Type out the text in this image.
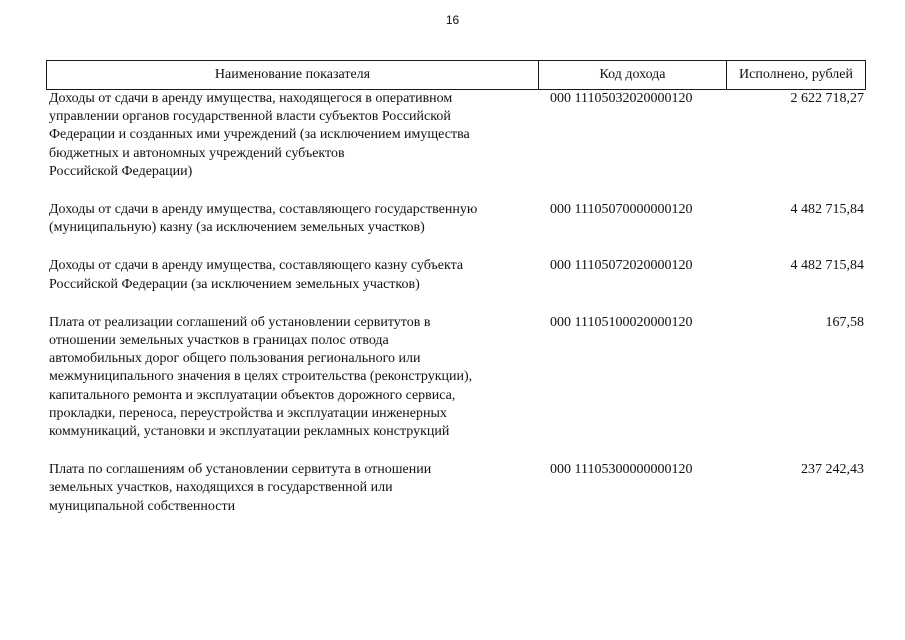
16
Наименование показателя	Код дохода	Исполнено, рублей
Доходы от сдачи в аренду имущества, находящегося в оперативном
управлении органов государственной власти субъектов Российской
Федерации и созданных ими учреждений (за исключением имущества
бюджетных и автономных учреждений субъектов
Российской Федерации)
000 11105032020000120	2 622 718,27
Доходы от сдачи в аренду имущества, составляющего государственную
(муниципальную) казну (за исключением земельных участков)
000 11105070000000120	4 482 715,84
Доходы от сдачи в аренду имущества, составляющего казну субъекта
Российской Федерации (за исключением земельных участков)
000 11105072020000120	4 482 715,84
Плата от реализации соглашений об установлении сервитутов в
отношении земельных участков в границах полос отвода
автомобильных дорог общего пользования регионального или
межмуниципального значения в целях строительства (реконструкции),
капитального ремонта и эксплуатации объектов дорожного сервиса,
прокладки, переноса, переустройства и эксплуатации инженерных
коммуникаций, установки и эксплуатации рекламных конструкций
000 11105100020000120	167,58
Плата по соглашениям об установлении сервитута в отношении
земельных участков, находящихся в государственной или
муниципальной собственности
000 11105300000000120	237 242,43
